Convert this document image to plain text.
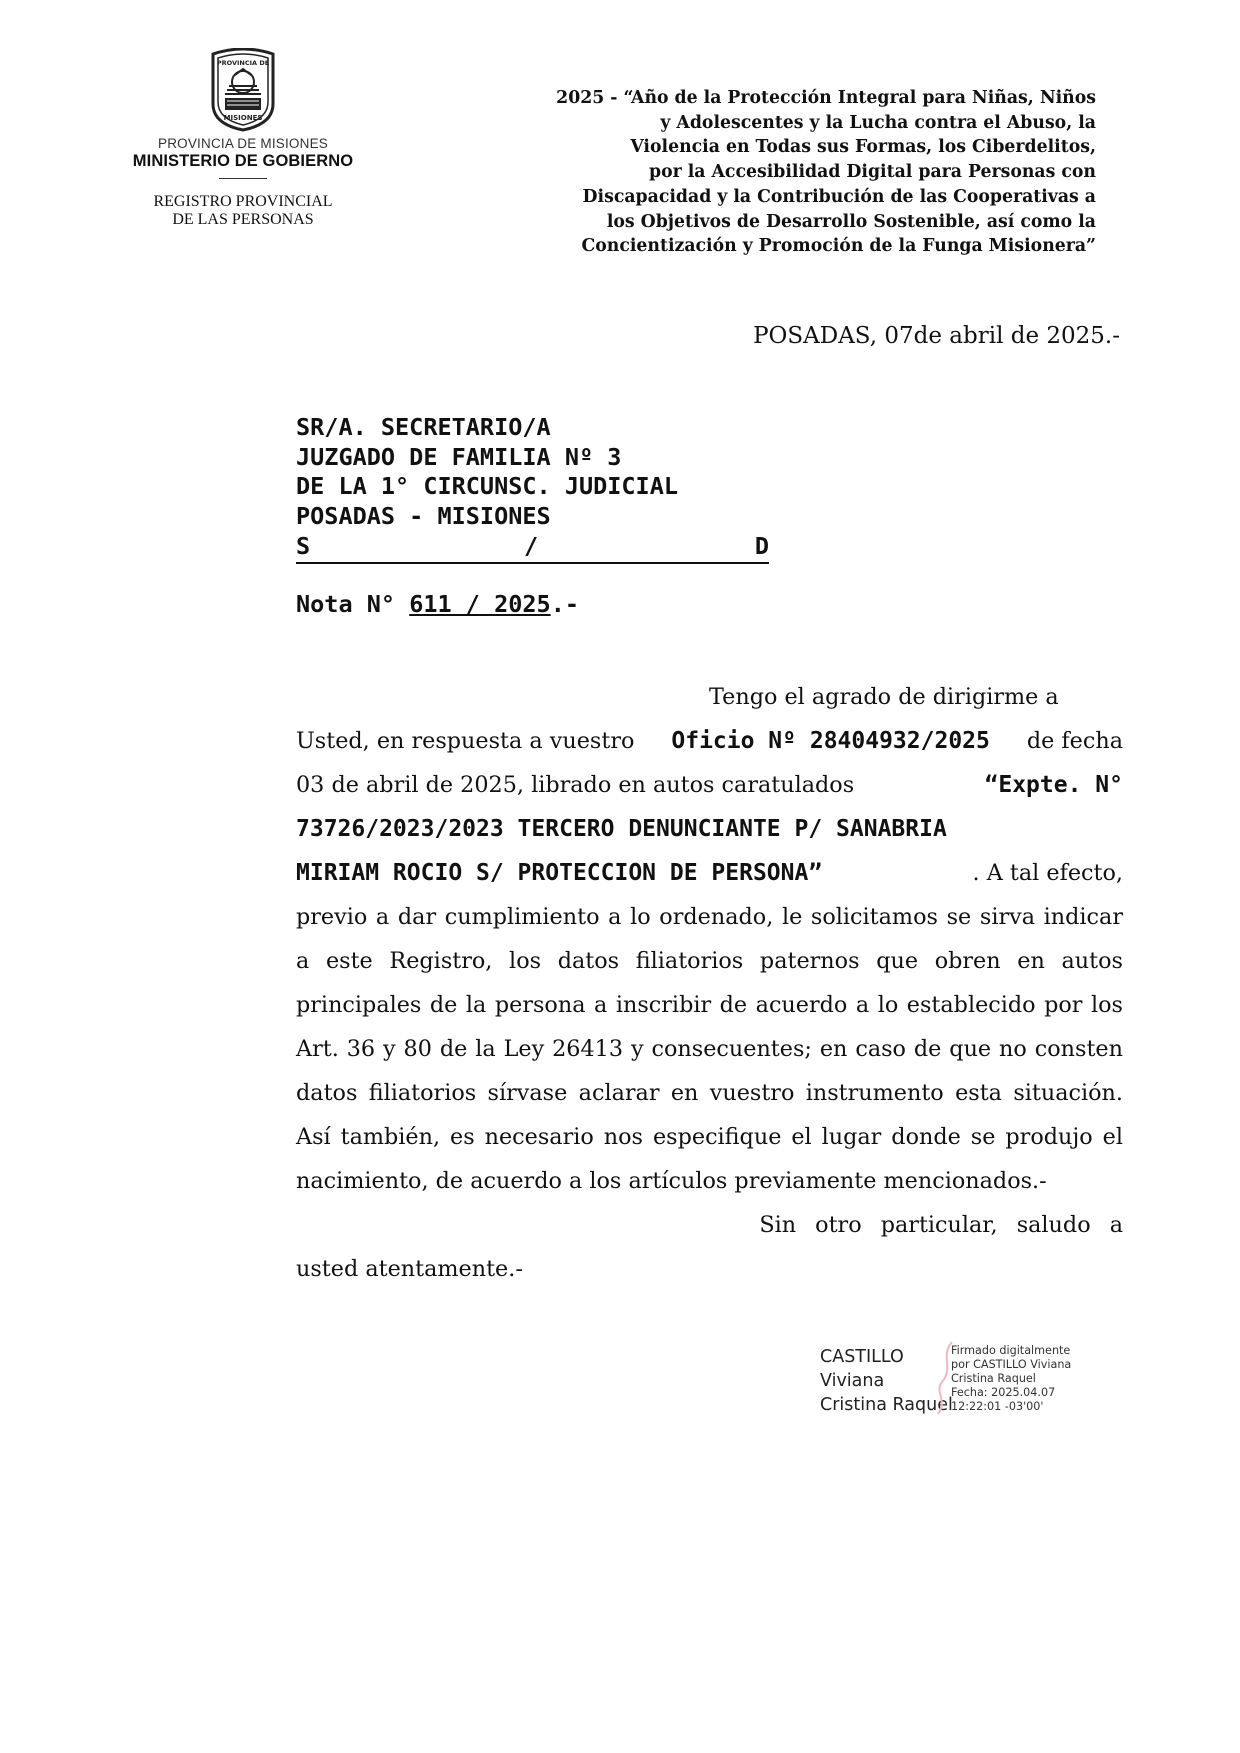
PROVINCIA DE
MISIONES
PROVINCIA DE MISIONES
MINISTERIO DE GOBIERNO
REGISTRO PROVINCIAL
DE LAS PERSONAS
2025 - “Año de la Protección Integral para Niñas, Niños
y Adolescentes y la Lucha contra el Abuso, la
Violencia en Todas sus Formas, los Ciberdelitos,
por la Accesibilidad Digital para Personas con
Discapacidad y la Contribución de las Cooperativas a
los Objetivos de Desarrollo Sostenible, así como la
Concientización y Promoción de la Funga Misionera”
POSADAS, 07de abril de 2025.-
SR/A. SECRETARIO/A
JUZGADO DE FAMILIA Nº 3
DE LA 1° CIRCUNSC. JUDICIAL
POSADAS - MISIONES
S	/	D
Nota N° 611 / 2025.-
Tengo el agrado de dirigirme a
Usted, en respuesta a vuestro Oficio Nº 28404932/2025 de fecha
03 de abril de 2025, librado en autos caratulados	“Expte. N°
73726/2023/2023 TERCERO DENUNCIANTE P/ SANABRIA
MIRIAM ROCIO S/ PROTECCION DE PERSONA”	. A tal efecto,

previo a dar cumplimiento a lo ordenado, le solicitamos se sirva indicar a este Registro, los datos filiatorios paternos que obren en autos principales de la persona a inscribir de acuerdo a lo establecido por los Art. 36 y 80 de la Ley 26413 y consecuentes; en caso de que no consten datos filiatorios sírvase aclarar en vuestro instrumento esta situación. Así también, es necesario nos especifique el lugar donde se produjo el nacimiento, de acuerdo a los artículos previamente mencionados.-

Sin otro particular, saludo a
usted atentamente.-
CASTILLO
Viviana
Cristina Raquel
Firmado digitalmente
por CASTILLO Viviana
Cristina Raquel
Fecha: 2025.04.07
12:22:01 -03'00'
